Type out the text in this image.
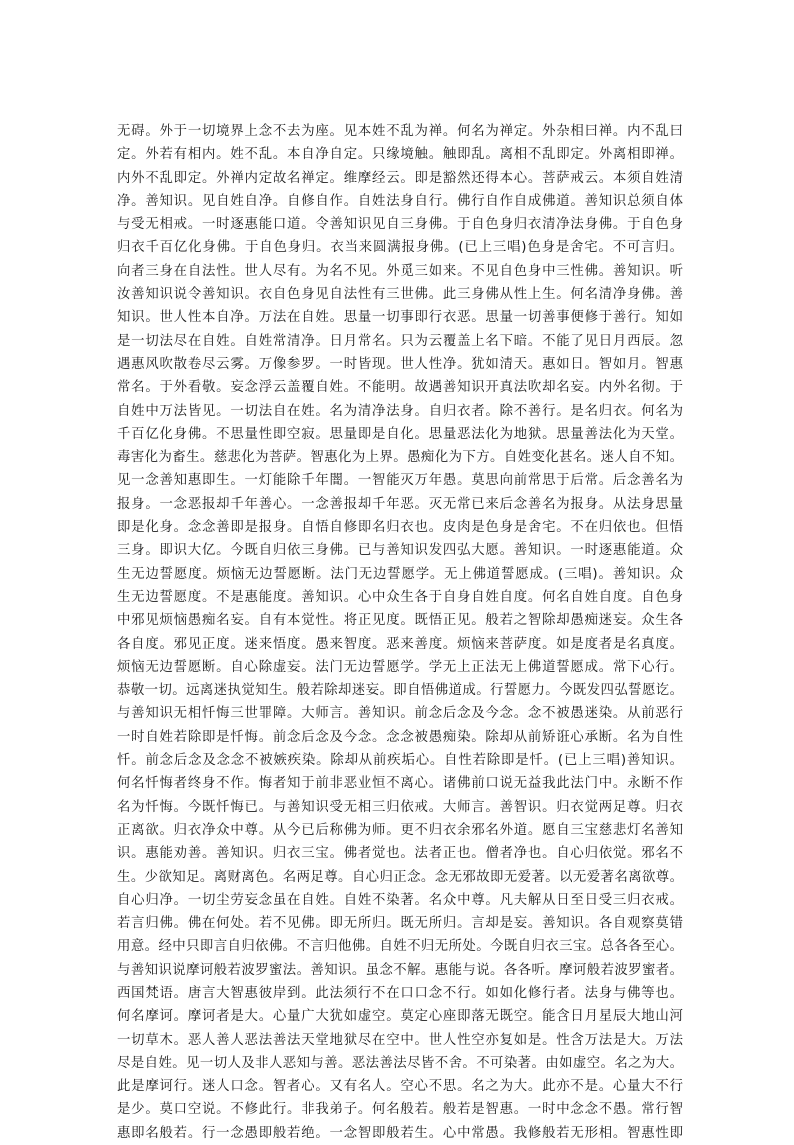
无碍。外于一切境界上念不去为座。见本姓不乱为禅。何名为禅定。外杂相曰禅。内不乱曰
定。外若有相内。姓不乱。本自净自定。只缘境触。触即乱。离相不乱即定。外离相即禅。
内外不乱即定。外禅内定故名禅定。维摩经云。即是豁然还得本心。菩萨戒云。本须自姓清
净。善知识。见自姓自净。自修自作。自姓法身自行。佛行自作自成佛道。善知识总须自体
与受无相戒。一时逐惠能口道。令善知识见自三身佛。于自色身归衣清净法身佛。于自色身
归衣千百亿化身佛。于自色身归。衣当来圆满报身佛。(已上三唱)色身是舍宅。不可言归。
向者三身在自法性。世人尽有。为名不见。外觅三如来。不见自色身中三性佛。善知识。听
汝善知识说令善知识。衣自色身见自法性有三世佛。此三身佛从性上生。何名清净身佛。善
知识。世人性本自净。万法在自姓。思量一切事即行衣恶。思量一切善事便修于善行。知如
是一切法尽在自姓。自姓常清净。日月常名。只为云覆盖上名下暗。不能了见日月西辰。忽
遇惠风吹散卷尽云雾。万像参罗。一时皆现。世人性净。犹如清天。惠如日。智如月。智惠
常名。于外看敬。妄念浮云盖覆自姓。不能明。故遇善知识开真法吹却名妄。内外名彻。于
自姓中万法皆见。一切法自在姓。名为清净法身。自归衣者。除不善行。是名归衣。何名为
千百亿化身佛。不思量性即空寂。思量即是自化。思量恶法化为地狱。思量善法化为天堂。
毒害化为畜生。慈悲化为菩萨。智惠化为上界。愚痴化为下方。自姓变化甚名。迷人自不知。
见一念善知惠即生。一灯能除千年闇。一智能灭万年愚。莫思向前常思于后常。后念善名为
报身。一念恶报却千年善心。一念善报却千年恶。灭无常已来后念善名为报身。从法身思量
即是化身。念念善即是报身。自悟自修即名归衣也。皮肉是色身是舍宅。不在归依也。但悟
三身。即识大亿。今既自归依三身佛。已与善知识发四弘大愿。善知识。一时逐惠能道。众
生无边誓愿度。烦恼无边誓愿断。法门无边誓愿学。无上佛道誓愿成。(三唱)。善知识。众
生无边誓愿度。不是惠能度。善知识。心中众生各于自身自姓自度。何名自姓自度。自色身
中邪见烦恼愚痴名妄。自有本觉性。将正见度。既悟正见。般若之智除却愚痴迷妄。众生各
各自度。邪见正度。迷来悟度。愚来智度。恶来善度。烦恼来菩萨度。如是度者是名真度。
烦恼无边誓愿断。自心除虚妄。法门无边誓愿学。学无上正法无上佛道誓愿成。常下心行。
恭敬一切。远离迷执觉知生。般若除却迷妄。即自悟佛道成。行誓愿力。今既发四弘誓愿讫。
与善知识无相忏悔三世罪障。大师言。善知识。前念后念及今念。念不被愚迷染。从前恶行
一时自姓若除即是忏悔。前念后念及今念。念念被愚痴染。除却从前矫诳心承断。名为自性
忏。前念后念及念念不被嫉疾染。除却从前疾垢心。自性若除即是忏。(已上三唱)善知识。
何名忏悔者终身不作。悔者知于前非恶业恒不离心。诸佛前口说无益我此法门中。永断不作
名为忏悔。今既忏悔已。与善知识受无相三归依戒。大师言。善智识。归衣觉两足尊。归衣
正离欲。归衣净众中尊。从今已后称佛为师。更不归衣余邪名外道。愿自三宝慈悲灯名善知
识。惠能劝善。善知识。归衣三宝。佛者觉也。法者正也。僧者净也。自心归依觉。邪名不
生。少欲知足。离财离色。名两足尊。自心归正念。念无邪故即无爱著。以无爱著名离欲尊。
自心归净。一切尘劳妄念虽在自姓。自姓不染著。名众中尊。凡夫解从日至日受三归衣戒。
若言归佛。佛在何处。若不见佛。即无所归。既无所归。言却是妄。善知识。各自观察莫错
用意。经中只即言自归依佛。不言归他佛。自姓不归无所处。今既自归衣三宝。总各各至心。
与善知识说摩诃般若波罗蜜法。善知识。虽念不解。惠能与说。各各听。摩诃般若波罗蜜者。
西国梵语。唐言大智惠彼岸到。此法须行不在口口念不行。如如化修行者。法身与佛等也。
何名摩诃。摩诃者是大。心量广大犹如虚空。莫定心座即落无既空。能含日月星辰大地山河
一切草木。恶人善人恶法善法天堂地狱尽在空中。世人性空亦复如是。性含万法是大。万法
尽是自姓。见一切人及非人恶知与善。恶法善法尽皆不舍。不可染著。由如虚空。名之为大。
此是摩诃行。迷人口念。智者心。又有名人。空心不思。名之为大。此亦不是。心量大不行
是少。莫口空说。不修此行。非我弟子。何名般若。般若是智惠。一时中念念不愚。常行智
惠即名般若。行一念愚即般若绝。一念智即般若生。心中常愚。我修般若无形相。智惠性即
